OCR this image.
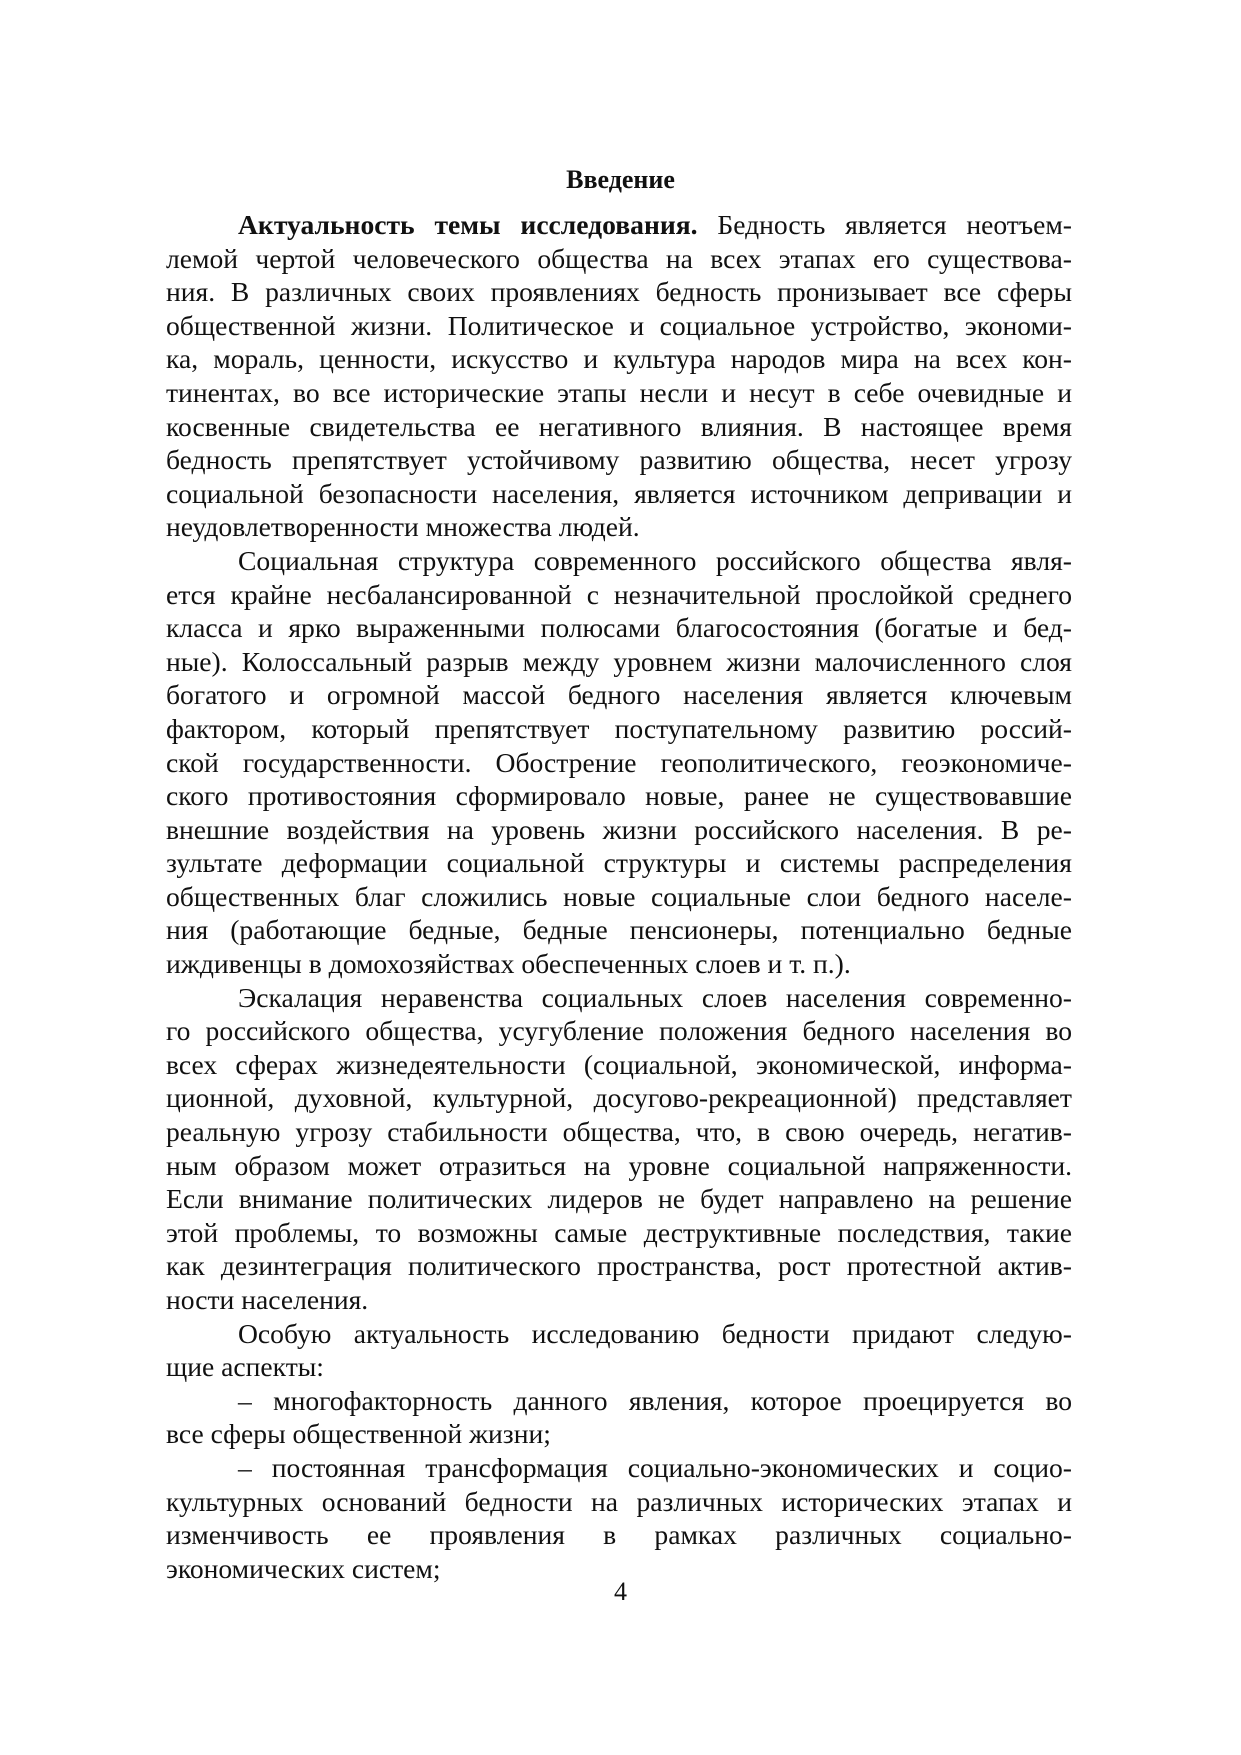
Введение

Актуальность темы исследования. Бедность является неотъем-
лемой чертой человеческого общества на всех этапах его существова-
ния. В различных своих проявлениях бедность пронизывает все сферы
общественной жизни. Политическое и социальное устройство, экономи-
ка, мораль, ценности, искусство и культура народов мира на всех кон-
тинентах, во все исторические этапы несли и несут в себе очевидные и
косвенные свидетельства ее негативного влияния. В настоящее время
бедность препятствует устойчивому развитию общества, несет угрозу
социальной безопасности населения, является источником депривации и
неудовлетворенности множества людей.

Социальная структура современного российского общества явля-
ется крайне несбалансированной с незначительной прослойкой среднего
класса и ярко выраженными полюсами благосостояния (богатые и бед-
ные). Колоссальный разрыв между уровнем жизни малочисленного слоя
богатого и огромной массой бедного населения является ключевым
фактором, который препятствует поступательному развитию россий-
ской государственности. Обострение геополитического, геоэкономиче-
ского противостояния сформировало новые, ранее не существовавшие
внешние воздействия на уровень жизни российского населения. В ре-
зультате деформации социальной структуры и системы распределения
общественных благ сложились новые социальные слои бедного населе-
ния (работающие бедные, бедные пенсионеры, потенциально бедные
иждивенцы в домохозяйствах обеспеченных слоев и т. п.).

Эскалация неравенства социальных слоев населения современно-
го российского общества, усугубление положения бедного населения во
всех сферах жизнедеятельности (социальной, экономической, информа-
ционной, духовной, культурной, досугово-рекреационной) представляет
реальную угрозу стабильности общества, что, в свою очередь, негатив-
ным образом может отразиться на уровне социальной напряженности.
Если внимание политических лидеров не будет направлено на решение
этой проблемы, то возможны самые деструктивные последствия, такие
как дезинтеграция политического пространства, рост протестной актив-
ности населения.

Особую актуальность исследованию бедности придают следую-
щие аспекты:

– многофакторность данного явления, которое проецируется во
все сферы общественной жизни;

– постоянная трансформация социально-экономических и социо-
культурных оснований бедности на различных исторических этапах и
изменчивость ее проявления в рамках различных социально-
экономических систем;

4
